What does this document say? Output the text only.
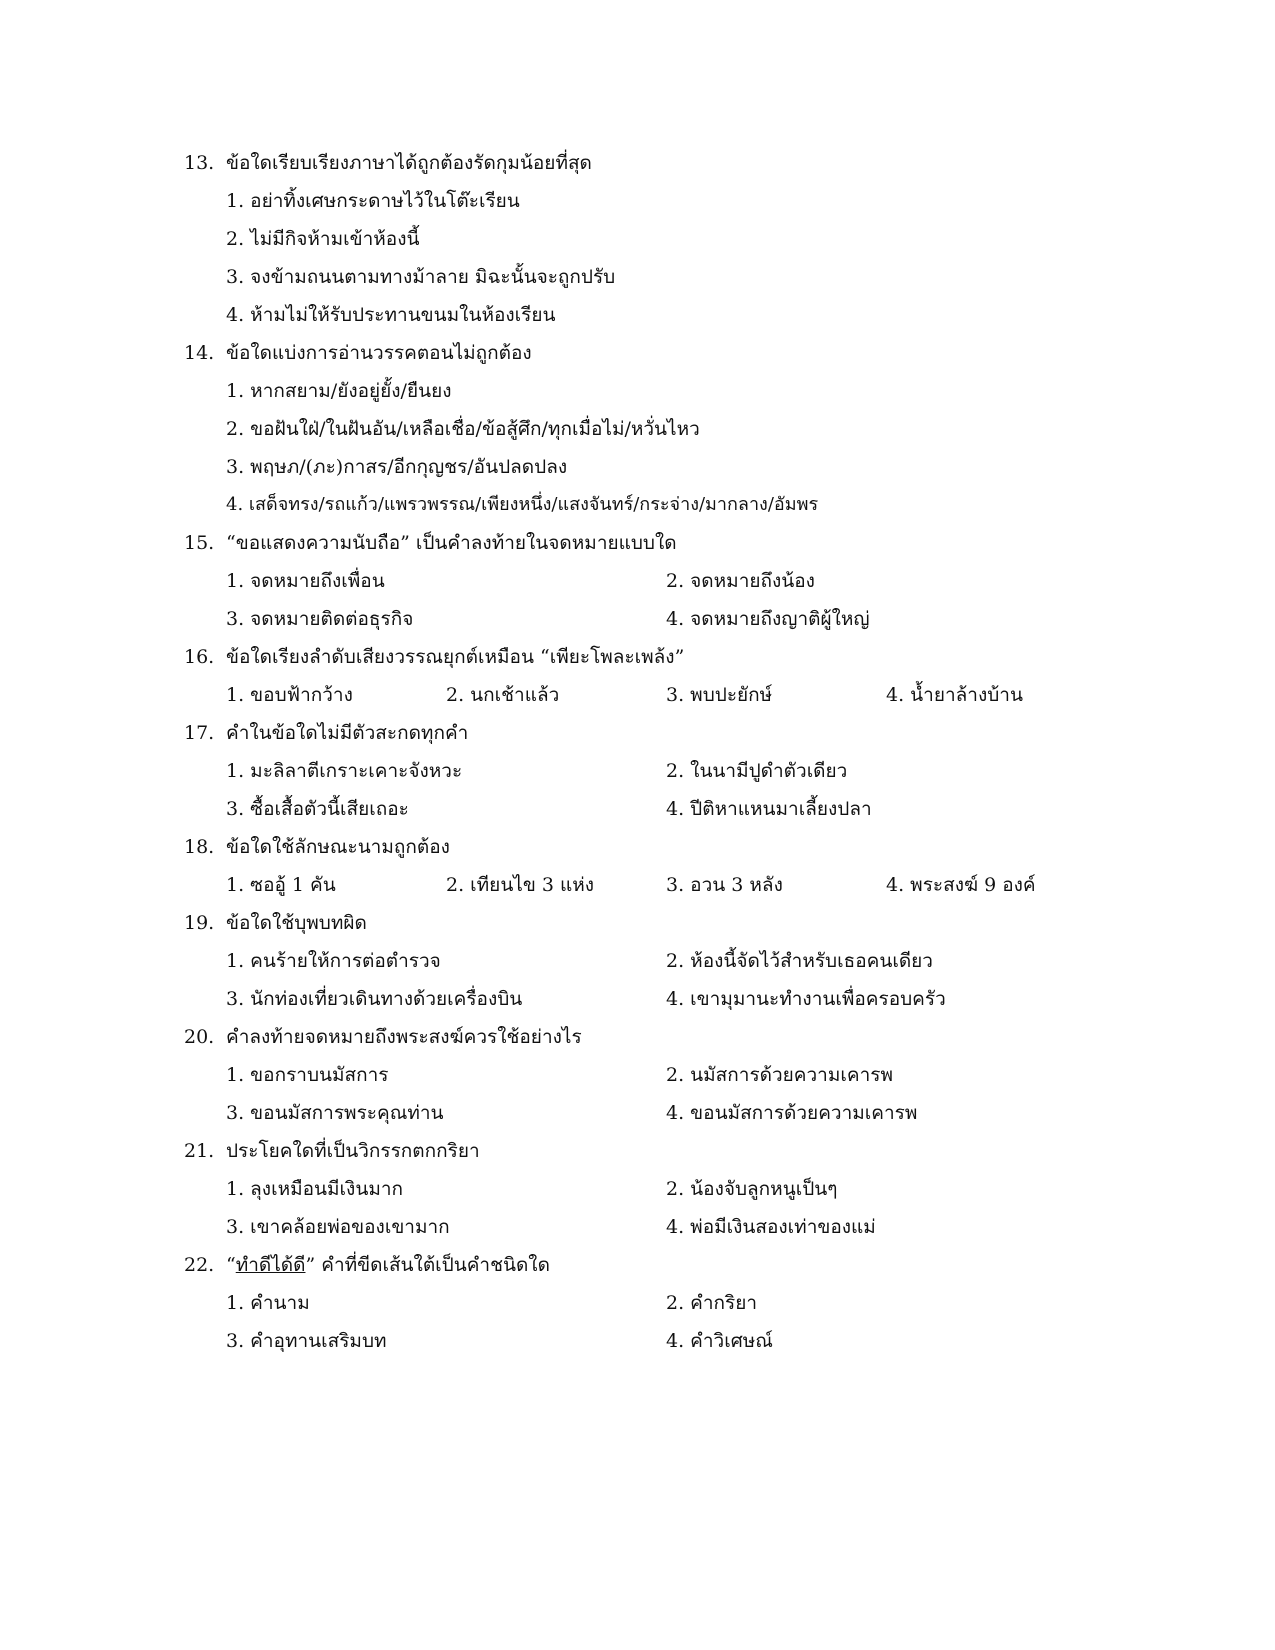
13. ข้อใดเรียบเรียงภาษาได้ถูกต้องรัดกุมน้อยที่สุด
1. อย่าทิ้งเศษกระดาษไว้ในโต๊ะเรียน
2. ไม่มีกิจห้ามเข้าห้องนี้
3. จงข้ามถนนตามทางม้าลาย มิฉะนั้นจะถูกปรับ
4. ห้ามไม่ให้รับประทานขนมในห้องเรียน
14. ข้อใดแบ่งการอ่านวรรคตอนไม่ถูกต้อง
1. หากสยาม/ยังอยู่ยั้ง/ยืนยง
2. ขอฝันใฝ่/ในฝันอัน/เหลือเชื่อ/ข้อสู้ศึก/ทุกเมื่อไม่/หวั่นไหว
3. พฤษภ/(ภะ)กาสร/อีกกุญชร/อันปลดปลง
4. เสด็จทรง/รถแก้ว/แพรวพรรณ/เพียงหนึ่ง/แสงจันทร์/กระจ่าง/มากลาง/อัมพร
15. “ขอแสดงความนับถือ” เป็นคำลงท้ายในจดหมายแบบใด
1. จดหมายถึงเพื่อน	2. จดหมายถึงน้อง
3. จดหมายติดต่อธุรกิจ	4. จดหมายถึงญาติผู้ใหญ่
16. ข้อใดเรียงลำดับเสียงวรรณยุกต์เหมือน “เพียะโพละเพล้ง”
1. ขอบฟ้ากว้าง	2. นกเช้าแล้ว	3. พบปะยักษ์	4. น้ำยาล้างบ้าน
17. คำในข้อใดไม่มีตัวสะกดทุกคำ
1. มะลิลาตีเกราะเคาะจังหวะ	2. ในนามีปูดำตัวเดียว
3. ซื้อเสื้อตัวนี้เสียเถอะ	4. ปีติหาแหนมาเลี้ยงปลา
18. ข้อใดใช้ลักษณะนามถูกต้อง
1. ซออู้ 1 คัน	2. เทียนไข 3 แห่ง	3. อวน 3 หลัง	4. พระสงฆ์ 9 องค์
19. ข้อใดใช้บุพบทผิด
1. คนร้ายให้การต่อตำรวจ	2. ห้องนี้จัดไว้สำหรับเธอคนเดียว
3. นักท่องเที่ยวเดินทางด้วยเครื่องบิน	4. เขามุมานะทำงานเพื่อครอบครัว
20. คำลงท้ายจดหมายถึงพระสงฆ์ควรใช้อย่างไร
1. ขอกราบนมัสการ	2. นมัสการด้วยความเคารพ
3. ขอนมัสการพระคุณท่าน	4. ขอนมัสการด้วยความเคารพ
21. ประโยคใดที่เป็นวิกรรกตกกริยา
1. ลุงเหมือนมีเงินมาก	2. น้องจับลูกหนูเป็นๆ
3. เขาคล้อยพ่อของเขามาก	4. พ่อมีเงินสองเท่าของแม่
22. “ทำดีได้ดี” คำที่ขีดเส้นใต้เป็นคำชนิดใด
1. คำนาม	2. คำกริยา
3. คำอุทานเสริมบท	4. คำวิเศษณ์
